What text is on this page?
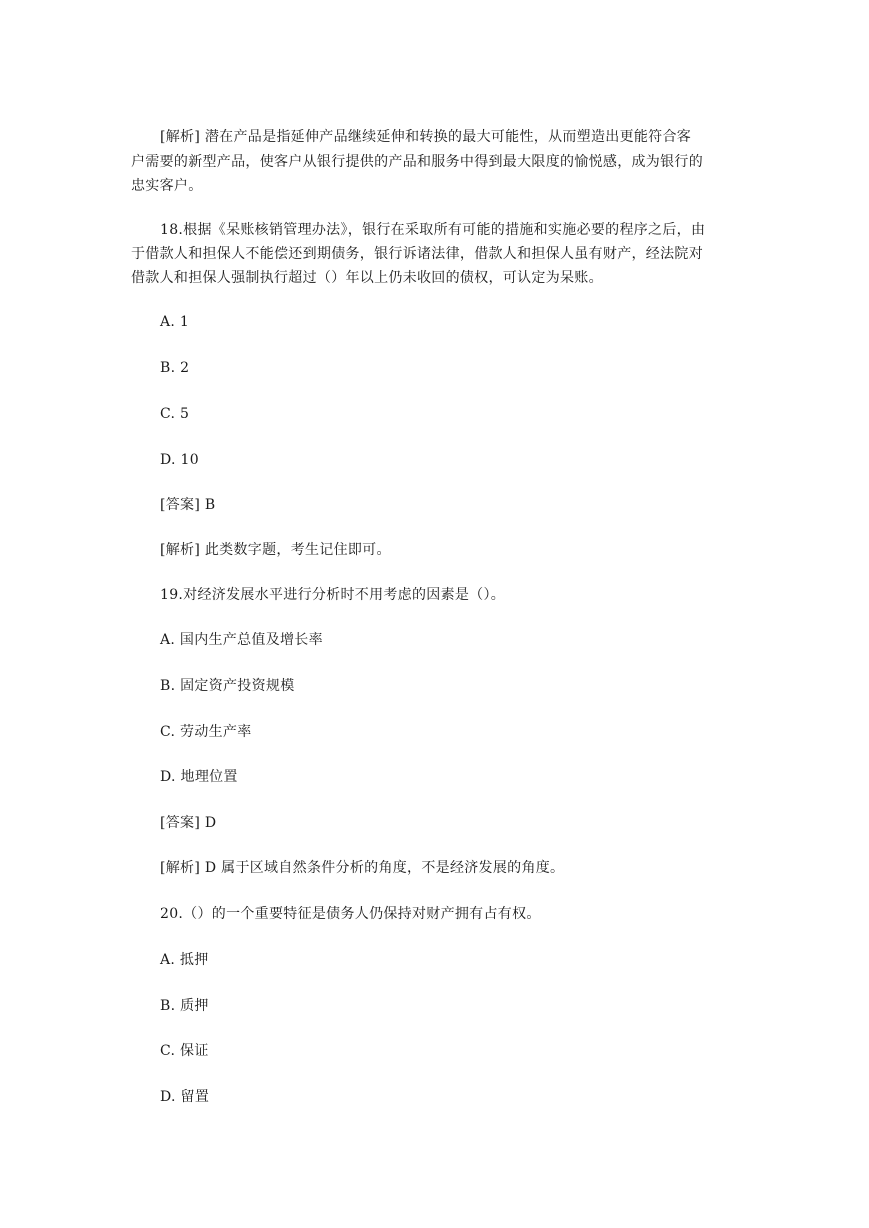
[解析] 潜在产品是指延伸产品继续延伸和转换的最大可能性，从而塑造出更能符合客
户需要的新型产品，使客户从银行提供的产品和服务中得到最大限度的愉悦感，成为银行的
忠实客户。
18.根据《呆账核销管理办法》，银行在采取所有可能的措施和实施必要的程序之后，由
于借款人和担保人不能偿还到期债务，银行诉诸法律，借款人和担保人虽有财产，经法院对
借款人和担保人强制执行超过（）年以上仍未收回的债权，可认定为呆账。
A. 1
B. 2
C. 5
D. 10
[答案] B
[解析] 此类数字题，考生记住即可。
19.对经济发展水平进行分析时不用考虑的因素是（）。
A. 国内生产总值及增长率
B. 固定资产投资规模
C. 劳动生产率
D. 地理位置
[答案] D
[解析] D 属于区域自然条件分析的角度，不是经济发展的角度。
20.（）的一个重要特征是债务人仍保持对财产拥有占有权。
A. 抵押
B. 质押
C. 保证
D. 留置
